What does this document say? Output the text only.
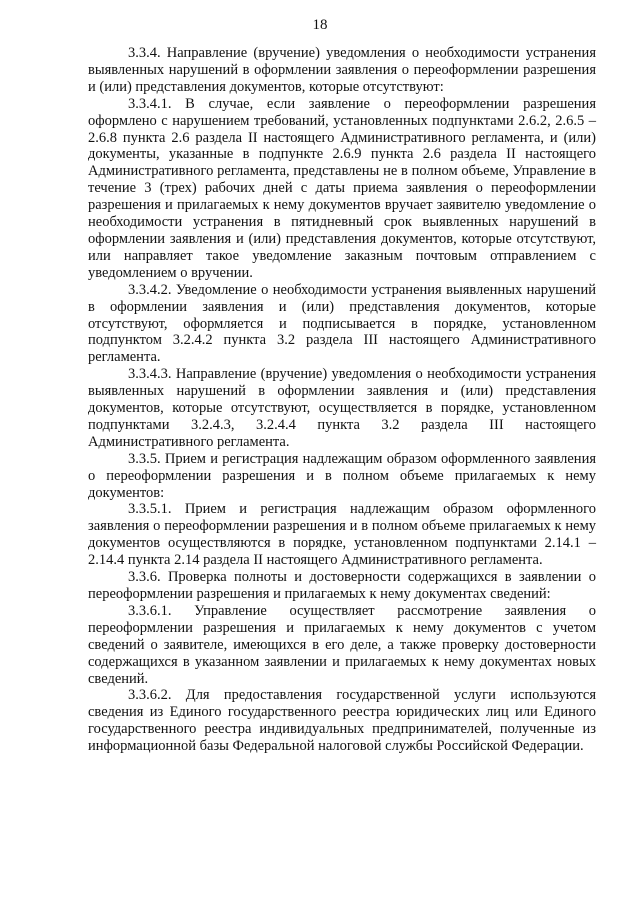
18

3.3.4. Направление (вручение) уведомления о необходимости устранения выявленных нарушений в оформлении заявления о переоформлении разрешения и (или) представления документов, которые отсутствуют:

3.3.4.1. В случае, если заявление о переоформлении разрешения оформлено с нарушением требований, установленных подпунктами 2.6.2, 2.6.5 – 2.6.8 пункта 2.6 раздела II настоящего Административного регламента, и (или) документы, указанные в подпункте 2.6.9 пункта 2.6 раздела II настоящего Административного регламента, представлены не в полном объеме, Управление в течение 3 (трех) рабочих дней с даты приема заявления о переоформлении разрешения и прилагаемых к нему документов вручает заявителю уведомление о необходимости устранения в пятидневный срок выявленных нарушений в оформлении заявления и (или) представления документов, которые отсутствуют, или направляет такое уведомление заказным почтовым отправлением с уведомлением о вручении.

3.3.4.2. Уведомление о необходимости устранения выявленных нарушений в оформлении заявления и (или) представления документов, которые отсутствуют, оформляется и подписывается в порядке, установленном подпунктом 3.2.4.2 пункта 3.2 раздела III настоящего Административного регламента.

3.3.4.3. Направление (вручение) уведомления о необходимости устранения выявленных нарушений в оформлении заявления и (или) представления документов, которые отсутствуют, осуществляется в порядке, установленном подпунктами 3.2.4.3, 3.2.4.4 пункта 3.2 раздела III настоящего Административного регламента.

3.3.5. Прием и регистрация надлежащим образом оформленного заявления о переоформлении разрешения и в полном объеме прилагаемых к нему документов:

3.3.5.1. Прием и регистрация надлежащим образом оформленного заявления о переоформлении разрешения и в полном объеме прилагаемых к нему документов осуществляются в порядке, установленном подпунктами 2.14.1 – 2.14.4 пункта 2.14 раздела II настоящего Административного регламента.

3.3.6. Проверка полноты и достоверности содержащихся в заявлении о переоформлении разрешения и прилагаемых к нему документах сведений:

3.3.6.1. Управление осуществляет рассмотрение заявления о переоформлении разрешения и прилагаемых к нему документов с учетом сведений о заявителе, имеющихся в его деле, а также проверку достоверности содержащихся в указанном заявлении и прилагаемых к нему документах новых сведений.

3.3.6.2. Для предоставления государственной услуги используются сведения из Единого государственного реестра юридических лиц или Единого государственного реестра индивидуальных предпринимателей, полученные из информационной базы Федеральной налоговой службы Российской Федерации.
